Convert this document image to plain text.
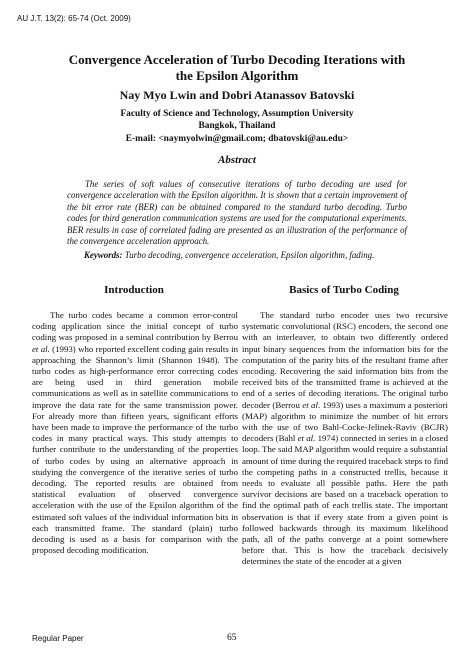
AU J.T. 13(2): 65-74 (Oct. 2009)
Convergence Acceleration of Turbo Decoding Iterations with
the Epsilon Algorithm
Nay Myo Lwin and Dobri Atanassov Batovski
Faculty of Science and Technology, Assumption University
Bangkok, Thailand
E-mail: <naymyolwin@gmail.com; dbatovski@au.edu>
Abstract

The series of soft values of consecutive iterations of turbo decoding are used for convergence acceleration with the Epsilon algorithm. It is shown that a certain improvement of the bit error rate (BER) can be obtained compared to the standard turbo decoding. Turbo codes for third generation communication systems are used for the computational experiments. BER results in case of correlated fading are presented as an illustration of the performance of the convergence acceleration approach.

Keywords: Turbo decoding, convergence acceleration, Epsilon algorithm, fading.

Introduction	Basics of Turbo Coding

The turbo codes became a common error-control coding application since the initial concept of turbo coding was proposed in a seminal contribution by Berrou et al. (1993) who reported excellent coding gain results in approaching the Shannon’s limit (Shannon 1948). The turbo codes as high-performance error correcting codes are being used in third generation mobile communications as well as in satellite communications to improve the data rate for the same transmission power. For already more than fifteen years, significant efforts have been made to improve the performance of the turbo codes in many practical ways. This study attempts to further contribute to the understanding of the properties of turbo codes by using an alternative approach in studying the convergence of the iterative series of turbo decoding. The reported results are obtained from statistical evaluation of observed convergence acceleration with the use of the Epsilon algorithm of the estimated soft values of the individual information bits in each transmitted frame. The standard (plain) turbo decoding is used as a basis for comparison with the proposed decoding modification.

The standard turbo encoder uses two recursive systematic convolutional (RSC) encoders, the second one with an interleaver, to obtain two differently ordered input binary sequences from the information bits for the computation of the parity bits of the resultant frame after encoding. Recovering the said information bits from the received bits of the transmitted frame is achieved at the end of a series of decoding iterations. The original turbo decoder (Berrou et al. 1993) uses a maximum a posteriori (MAP) algorithm to minimize the number of bit errors with the use of two Bahl-Cocke-Jelinek-Raviv (BCJR) decoders (Bahl et al. 1974) connected in series in a closed loop. The said MAP algorithm would require a substantial amount of time during the required traceback steps to find the competing paths in a constructed trellis, because it needs to evaluate all possible paths. Here the path survivor decisions are based on a traceback operation to find the optimal path of each trellis state. The important observation is that if every state from a given point is followed backwards through its maximum likelihood path, all of the paths converge at a point somewhere before that. This is how the traceback decisively determines the state of the encoder at a given

Regular Paper	65
